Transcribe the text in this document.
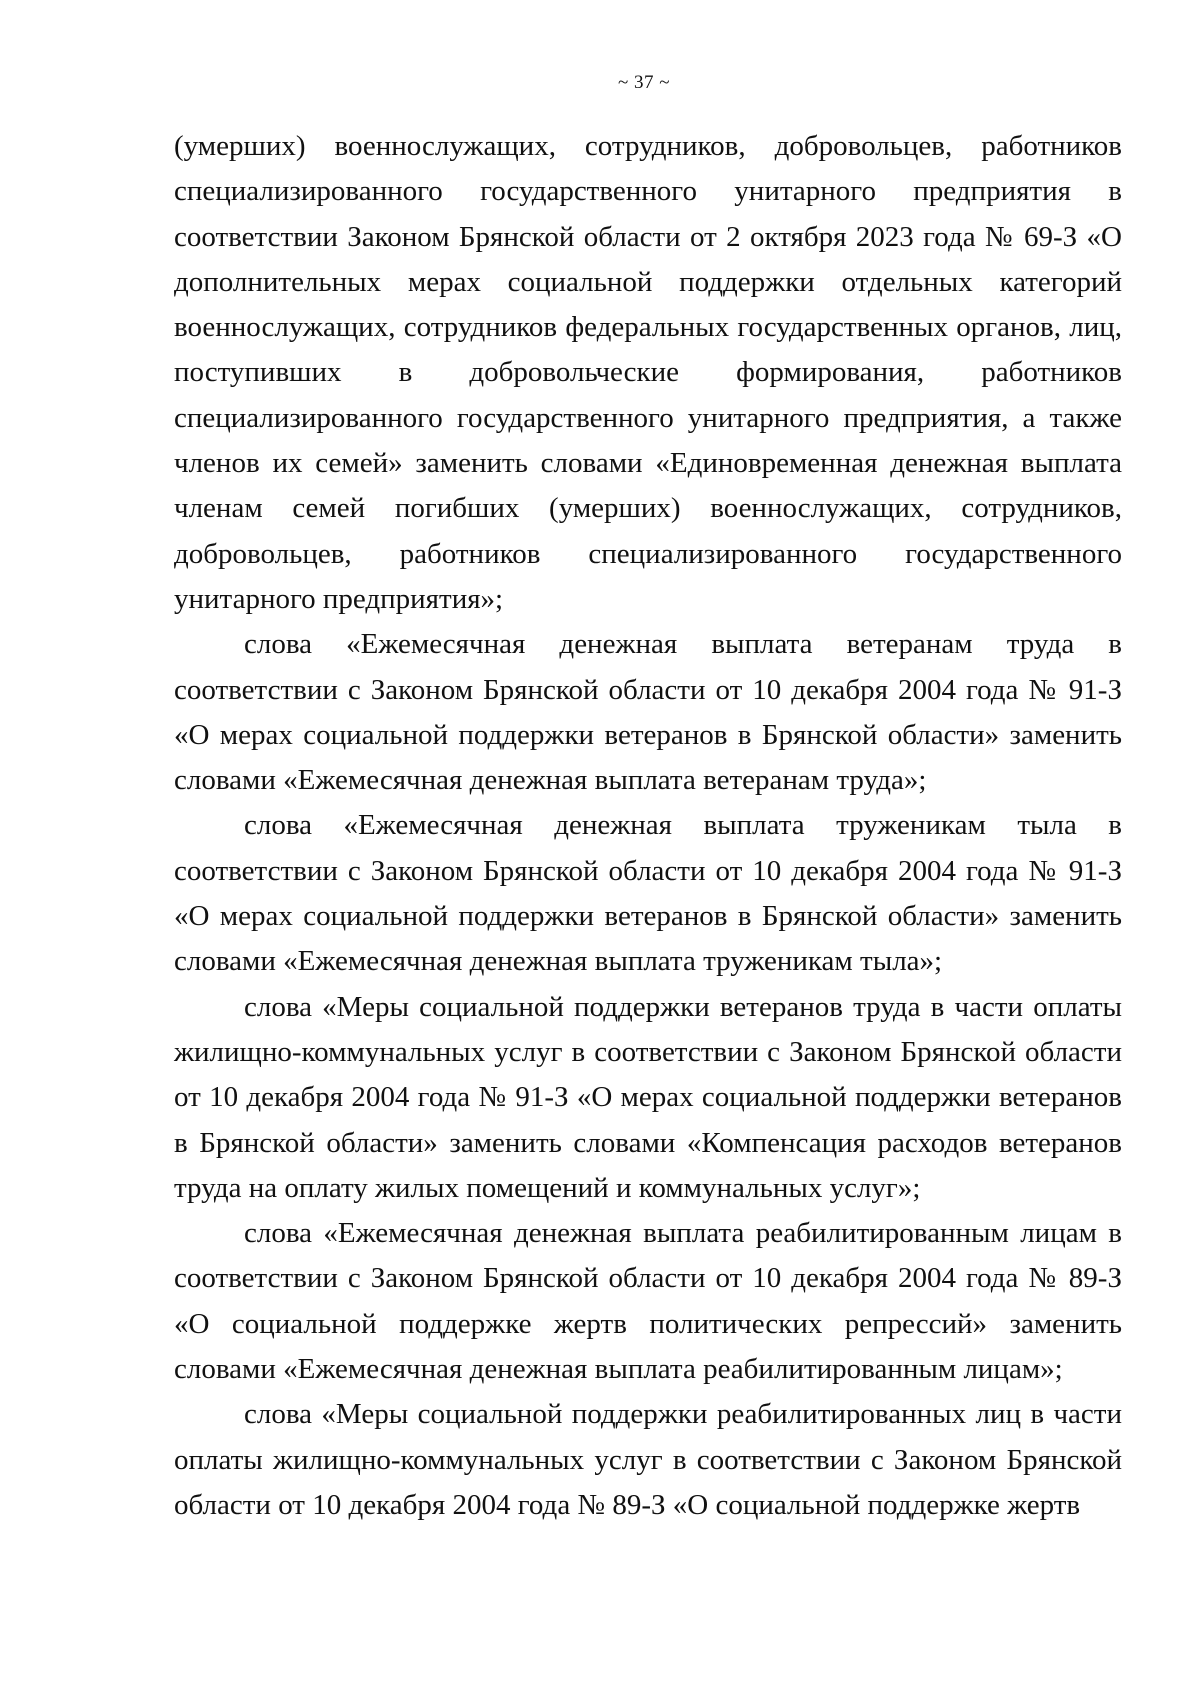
~ 37 ~

(умерших) военнослужащих, сотрудников, добровольцев, работников специализированного государственного унитарного предприятия в соответствии Законом Брянской области от 2 октября 2023 года № 69-З «О дополнительных мерах социальной поддержки отдельных категорий военнослужащих, сотрудников федеральных государственных органов, лиц, поступивших в добровольческие формирования, работников специализированного государственного унитарного предприятия, а также членов их семей» заменить словами «Единовременная денежная выплата членам семей погибших (умерших) военнослужащих, сотрудников, добровольцев, работников специализированного государственного унитарного предприятия»;

слова «Ежемесячная денежная выплата ветеранам труда в соответствии с Законом Брянской области от 10 декабря 2004 года № 91-З «О мерах социальной поддержки ветеранов в Брянской области» заменить словами «Ежемесячная денежная выплата ветеранам труда»;

слова «Ежемесячная денежная выплата труженикам тыла в соответствии с Законом Брянской области от 10 декабря 2004 года № 91-З «О мерах социальной поддержки ветеранов в Брянской области» заменить словами «Ежемесячная денежная выплата труженикам тыла»;

слова «Меры социальной поддержки ветеранов труда в части оплаты жилищно-коммунальных услуг в соответствии с Законом Брянской области от 10 декабря 2004 года № 91-З «О мерах социальной поддержки ветеранов в Брянской области» заменить словами «Компенсация расходов ветеранов труда на оплату жилых помещений и коммунальных услуг»;

слова «Ежемесячная денежная выплата реабилитированным лицам в соответствии с Законом Брянской области от 10 декабря 2004 года № 89-З «О социальной поддержке жертв политических репрессий» заменить словами «Ежемесячная денежная выплата реабилитированным лицам»;

слова «Меры социальной поддержки реабилитированных лиц в части оплаты жилищно-коммунальных услуг в соответствии с Законом Брянской области от 10 декабря 2004 года № 89-З «О социальной поддержке жертв
